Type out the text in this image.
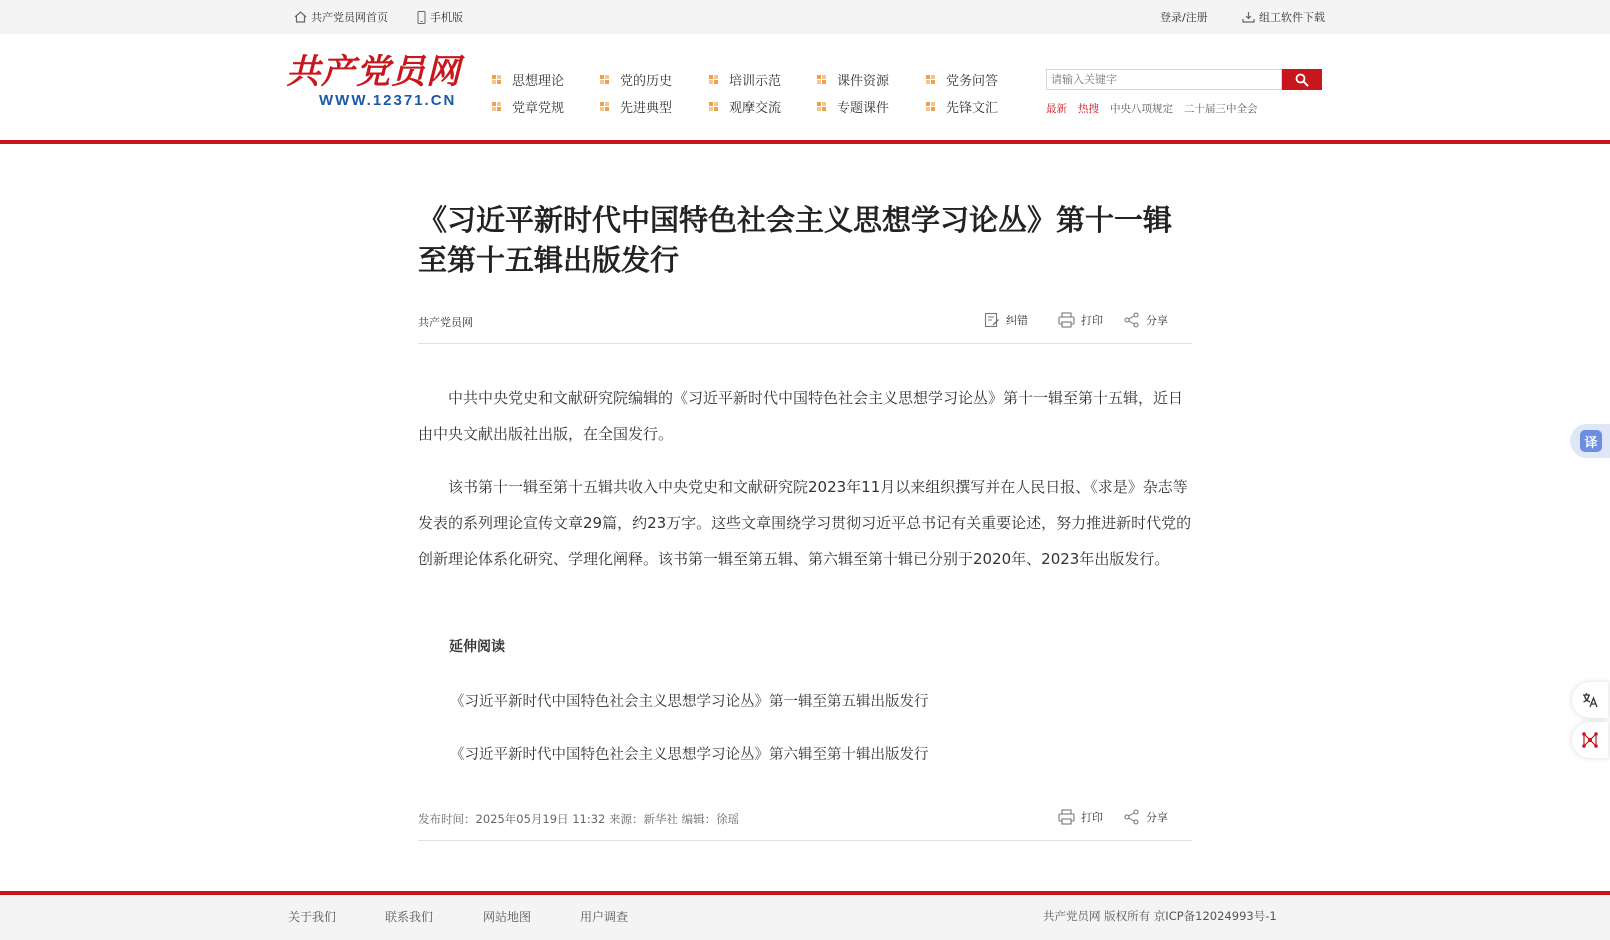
共产党员网首页	手机版	登录/注册	组工软件下载
共产党员网
WWW.12371.CN
思想理论	党的历史	培训示范	课件资源	党务问答
党章党规	先进典型	观摩交流	专题课件	先锋文汇
请输入关键字	最新 热搜 中央八项规定 二十届三中全会
《习近平新时代中国特色社会主义思想学习论丛》第十一辑至第十五辑出版发行
共产党员网	纠错	打印	分享

中共中央党史和文献研究院编辑的《习近平新时代中国特色社会主义思想学习论丛》第十一辑至第十五辑，近日由中央文献出版社出版，在全国发行。

该书第十一辑至第十五辑共收入中央党史和文献研究院2023年11月以来组织撰写并在人民日报、《求是》杂志等发表的系列理论宣传文章29篇，约23万字。这些文章围绕学习贯彻习近平总书记有关重要论述，努力推进新时代党的创新理论体系化研究、学理化阐释。该书第一辑至第五辑、第六辑至第十辑已分别于2020年、2023年出版发行。

延伸阅读
《习近平新时代中国特色社会主义思想学习论丛》第一辑至第五辑出版发行
《习近平新时代中国特色社会主义思想学习论丛》第六辑至第十辑出版发行
发布时间：2025年05月19日 11:32 来源：新华社 编辑：徐瑶	打印	分享
关于我们	联系我们	网站地图	用户调查	共产党员网 版权所有 京ICP备12024993号-1
译
